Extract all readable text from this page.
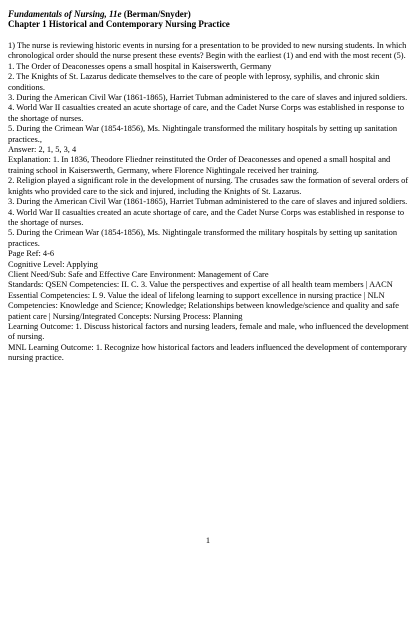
Fundamentals of Nursing, 11e (Berman/Snyder)

Chapter 1 Historical and Contemporary Nursing Practice

1) The nurse is reviewing historic events in nursing for a presentation to be provided to new nursing students. In which chronological order should the nurse present these events? Begin with the earliest (1) and end with the most recent (5).

1. The Order of Deaconesses opens a small hospital in Kaiserswerth, Germany

2. The Knights of St. Lazarus dedicate themselves to the care of people with leprosy, syphilis, and chronic skin conditions.

3. During the American Civil War (1861-1865), Harriet Tubman administered to the care of slaves and injured soldiers.

4. World War II casualties created an acute shortage of care, and the Cadet Nurse Corps was established in response to the shortage of nurses.

5. During the Crimean War (1854-1856), Ms. Nightingale transformed the military hospitals by setting up sanitation practices.,

Answer: 2, 1, 5, 3, 4

Explanation: 1. In 1836, Theodore Fliedner reinstituted the Order of Deaconesses and opened a small hospital and training school in Kaiserswerth, Germany, where Florence Nightingale received her training.

2. Religion played a significant role in the development of nursing. The crusades saw the formation of several orders of knights who provided care to the sick and injured, including the Knights of St. Lazarus.

3. During the American Civil War (1861-1865), Harriet Tubman administered to the care of slaves and injured soldiers.

4. World War II casualties created an acute shortage of care, and the Cadet Nurse Corps was established in response to the shortage of nurses.

5. During the Crimean War (1854-1856), Ms. Nightingale transformed the military hospitals by setting up sanitation practices.

Page Ref: 4-6

Cognitive Level: Applying

Client Need/Sub: Safe and Effective Care Environment: Management of Care

Standards: QSEN Competencies: II. C. 3. Value the perspectives and expertise of all health team members | AACN Essential Competencies: I. 9. Value the ideal of lifelong learning to support excellence in nursing practice | NLN Competencies: Knowledge and Science; Knowledge; Relationships between knowledge/science and quality and safe patient care | Nursing/Integrated Concepts: Nursing Process: Planning

Learning Outcome: 1. Discuss historical factors and nursing leaders, female and male, who influenced the development of nursing.

MNL Learning Outcome: 1. Recognize how historical factors and leaders influenced the development of contemporary nursing practice.

1
